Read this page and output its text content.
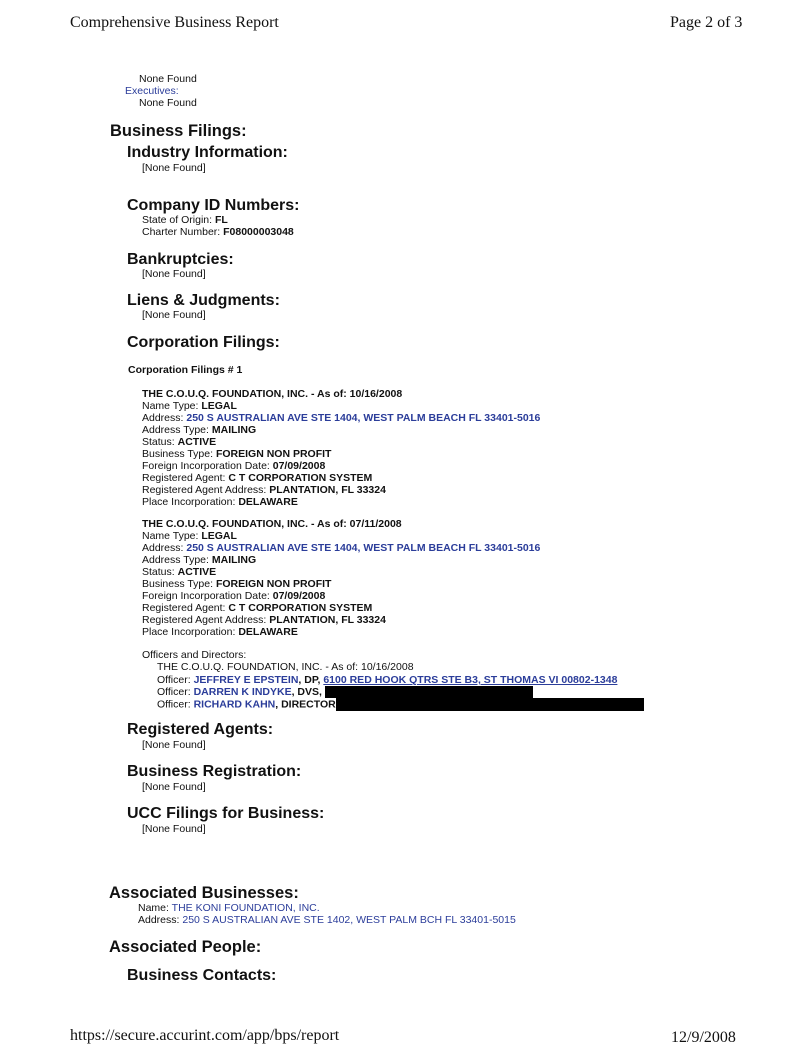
Comprehensive Business Report	Page 2 of 3
None Found
Executives:
None Found
Business Filings:
Industry Information:
[None Found]
Company ID Numbers:
State of Origin: FL
Charter Number: F08000003048
Bankruptcies:
[None Found]
Liens & Judgments:
[None Found]
Corporation Filings:
Corporation Filings # 1
THE C.O.U.Q. FOUNDATION, INC. - As of: 10/16/2008
Name Type: LEGAL
Address: 250 S AUSTRALIAN AVE STE 1404, WEST PALM BEACH FL 33401-5016
Address Type: MAILING
Status: ACTIVE
Business Type: FOREIGN NON PROFIT
Foreign Incorporation Date: 07/09/2008
Registered Agent: C T CORPORATION SYSTEM
Registered Agent Address: PLANTATION, FL 33324
Place Incorporation: DELAWARE
THE C.O.U.Q. FOUNDATION, INC. - As of: 07/11/2008
Name Type: LEGAL
Address: 250 S AUSTRALIAN AVE STE 1404, WEST PALM BEACH FL 33401-5016
Address Type: MAILING
Status: ACTIVE
Business Type: FOREIGN NON PROFIT
Foreign Incorporation Date: 07/09/2008
Registered Agent: C T CORPORATION SYSTEM
Registered Agent Address: PLANTATION, FL 33324
Place Incorporation: DELAWARE
Officers and Directors:
THE C.O.U.Q. FOUNDATION, INC. - As of: 10/16/2008
Officer: JEFFREY E EPSTEIN, DP, 6100 RED HOOK QTRS STE B3, ST THOMAS VI 00802-1348
Officer: DARREN K INDYKE, DVS,
Officer: RICHARD KAHN, DIRECTOR
Registered Agents:
[None Found]
Business Registration:
[None Found]
UCC Filings for Business:
[None Found]
Associated Businesses:
Name: THE KONI FOUNDATION, INC.
Address: 250 S AUSTRALIAN AVE STE 1402, WEST PALM BCH FL 33401-5015
Associated People:
Business Contacts:
https://secure.accurint.com/app/bps/report	12/9/2008
